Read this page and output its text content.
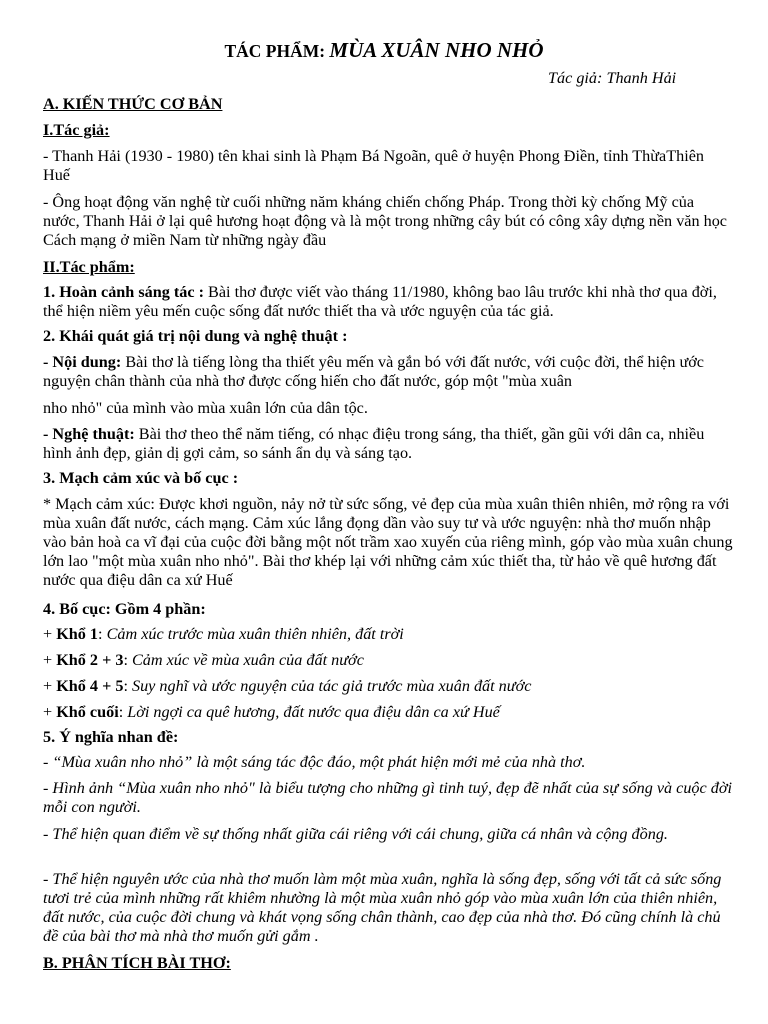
TÁC PHẨM: MÙA XUÂN NHO NHỎ
Tác giả: Thanh Hải

A. KIẾN THỨC CƠ BẢN

I.Tác giả:

- Thanh Hải (1930 - 1980) tên khai sinh là Phạm Bá Ngoãn, quê ở huyện Phong Điền, tỉnh ThừaThiên Huế

- Ông hoạt động văn nghệ từ cuối những năm kháng chiến chống Pháp. Trong thời kỳ chống Mỹ của nước, Thanh Hải ở lại quê hương hoạt động và là một trong những cây bút có công xây dựng nền văn học Cách mạng ở miền Nam từ những ngày đầu

II.Tác phẩm:

1. Hoàn cảnh sáng tác : Bài thơ được viết vào tháng 11/1980, không bao lâu trước khi nhà thơ qua đời, thể hiện niềm yêu mến cuộc sống đất nước thiết tha và ước nguyện của tác giả.

2. Khái quát giá trị nội dung và nghệ thuật :

- Nội dung: Bài thơ là tiếng lòng tha thiết yêu mến và gắn bó với đất nước, với cuộc đời, thể hiện ước nguyện chân thành của nhà thơ được cống hiến cho đất nước, góp một "mùa xuân

nho nhỏ" của mình vào mùa xuân lớn của dân tộc.

- Nghệ thuật: Bài thơ theo thể năm tiếng, có nhạc điệu trong sáng, tha thiết, gần gũi với dân ca, nhiều hình ảnh đẹp, giản dị gợi cảm, so sánh ẩn dụ và sáng tạo.

3. Mạch cảm xúc và bố cục :

* Mạch cảm xúc: Được khơi nguồn, nảy nở từ sức sống, vẻ đẹp của mùa xuân thiên nhiên, mở rộng ra với mùa xuân đất nước, cách mạng. Cảm xúc lắng đọng dần vào suy tư và ước nguyện: nhà thơ muốn nhập vào bản hoà ca vĩ đại của cuộc đời bằng một nốt trầm xao xuyến của riêng mình, góp vào mùa xuân chung lớn lao "một mùa xuân nho nhỏ". Bài thơ khép lại với những cảm xúc thiết tha, từ hảo về quê hương đất nước qua điệu dân ca xứ Huế

4. Bố cục: Gồm 4 phần:

+ Khổ 1: Cảm xúc trước mùa xuân thiên nhiên, đất trời

+ Khổ 2 + 3: Cảm xúc về mùa xuân của đất nước

+ Khổ 4 + 5: Suy nghĩ và ước nguyện của tác giả trước mùa xuân đất nước

+ Khổ cuối: Lời ngợi ca quê hương, đất nước qua điệu dân ca xứ Huế

5. Ý nghĩa nhan đề:

- “Mùa xuân nho nhỏ” là một sáng tác độc đáo, một phát hiện mới mẻ của nhà thơ.

- Hình ảnh “Mùa xuân nho nhỏ" là biểu tượng cho những gì tinh tuý, đẹp đẽ nhất của sự sống và cuộc đời mỗi con người.

- Thể hiện quan điểm về sự thống nhất giữa cái riêng với cái chung, giữa cá nhân và cộng đồng.

- Thể hiện nguyên ước của nhà thơ muốn làm một mùa xuân, nghĩa là sống đẹp, sống với tất cả sức sống tươi trẻ của mình những rất khiêm nhường là một mùa xuân nhỏ góp vào mùa xuân lớn của thiên nhiên, đất nước, của cuộc đời chung và khát vọng sống chân thành, cao đẹp của nhà thơ. Đó cũng chính là chủ đề của bài thơ mà nhà thơ muốn gửi gắm .

B. PHÂN TÍCH BÀI THƠ:
